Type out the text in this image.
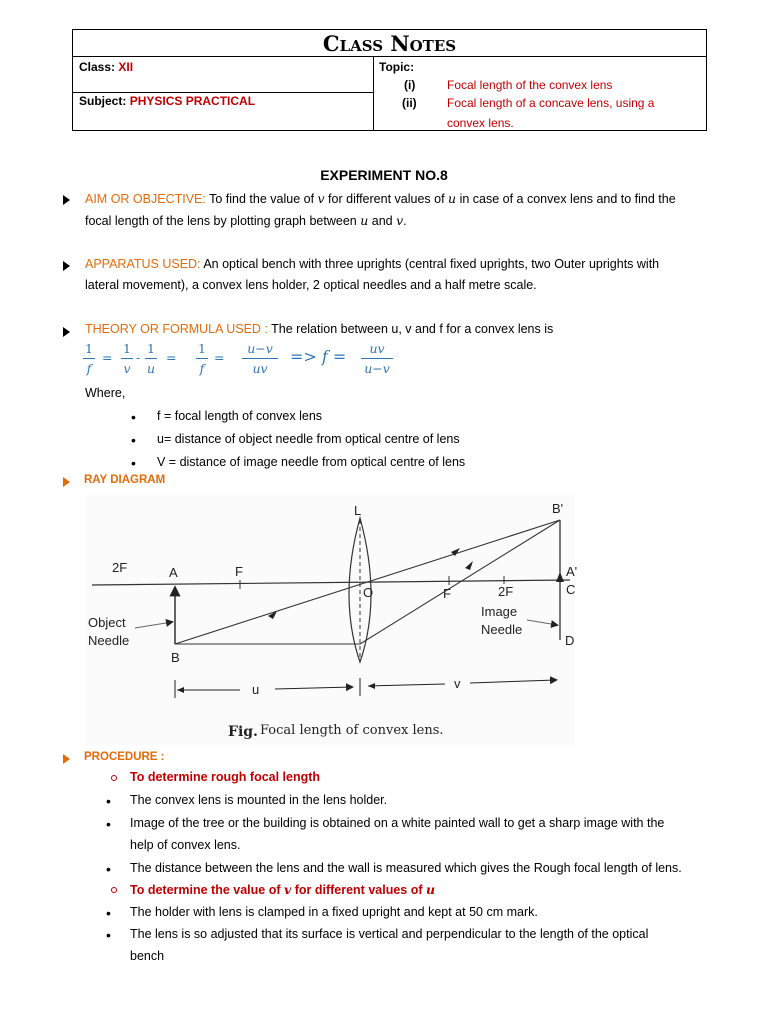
Class Notes
Class: XII
Subject: PHYSICS PRACTICAL
Topic:
(i)	Focal length of the convex lens
(ii)	Focal length of a concave lens, using a
convex lens.
EXPERIMENT NO.8
AIM OR OBJECTIVE: To find the value of v for different values of u in case of a convex lens and to find the
focal length of the lens by plotting graph between u and v.
APPARATUS USED: An optical bench with three uprights (central fixed uprights, two Outer uprights with
lateral movement), a convex lens holder, 2 optical needles and a half metre scale.
THEORY OR FORMULA USED : The relation between u, v and f for a convex lens is
1
f
=
1
v
-
1
u
=
1
f
=
u−v
uv
=> f =	uv
u−v
Where,
• f = focal length of convex lens
• u= distance of object needle from optical centre of lens
• V = distance of image needle from optical centre of lens
RAY DIAGRAM
L	B'
2F	A	F	A'
C
O	F	2F
Object
Needle
Image
Needle
B
D
u	v
Fig. Focal length of convex lens.
PROCEDURE :
To determine rough focal length
• The convex lens is mounted in the lens holder.
• Image of the tree or the building is obtained on a white painted wall to get a sharp image with the
help of convex lens.
• The distance between the lens and the wall is measured which gives the Rough focal length of lens.
To determine the value of v for different values of u
• The holder with lens is clamped in a fixed upright and kept at 50 cm mark.
• The lens is so adjusted that its surface is vertical and perpendicular to the length of the optical
bench
